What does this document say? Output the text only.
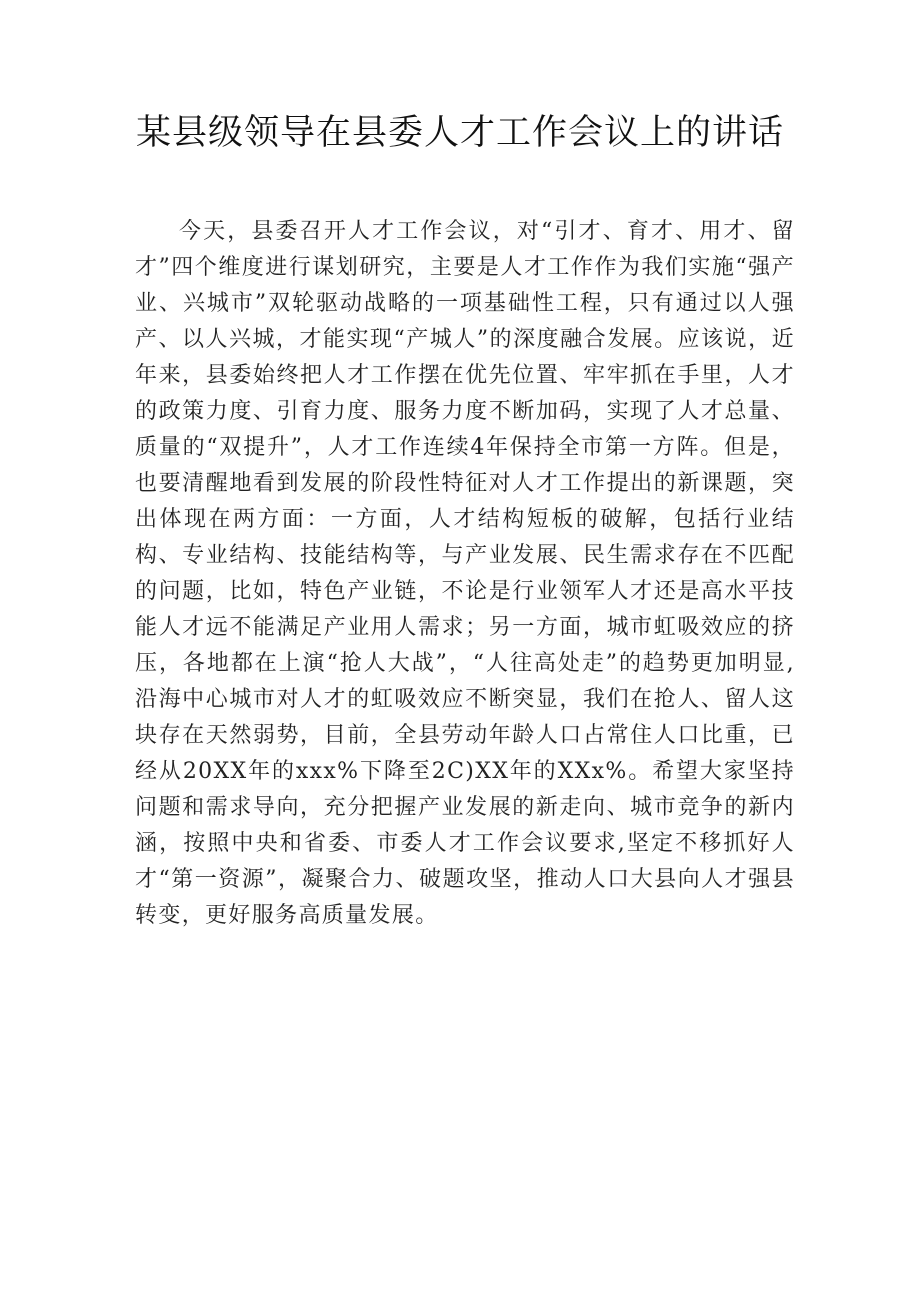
某县级领导在县委人才工作会议上的讲话

今天，县委召开人才工作会议，对“引才、育才、用才、留才”四个维度进行谋划研究，主要是人才工作作为我们实施“强产业、兴城市”双轮驱动战略的一项基础性工程，只有通过以人强产、以人兴城，才能实现“产城人”的深度融合发展。应该说，近年来，县委始终把人才工作摆在优先位置、牢牢抓在手里，人才的政策力度、引育力度、服务力度不断加码，实现了人才总量、质量的“双提升”，人才工作连续4年保持全市第一方阵。但是，也要清醒地看到发展的阶段性特征对人才工作提出的新课题，突出体现在两方面：一方面，人才结构短板的破解，包括行业结构、专业结构、技能结构等，与产业发展、民生需求存在不匹配的问题，比如，特色产业链，不论是行业领军人才还是高水平技能人才远不能满足产业用人需求；另一方面，城市虹吸效应的挤压，各地都在上演“抢人大战”，“人往高处走”的趋势更加明显,沿海中心城市对人才的虹吸效应不断突显，我们在抢人、留人这块存在天然弱势，目前，全县劳动年龄人口占常住人口比重，已经从20XX年的xxx%下降至2C)XX年的XXx%。希望大家坚持问题和需求导向，充分把握产业发展的新走向、城市竞争的新内涵，按照中央和省委、市委人才工作会议要求,坚定不移抓好人才“第一资源”，凝聚合力、破题攻坚，推动人口大县向人才强县转变，更好服务高质量发展。
